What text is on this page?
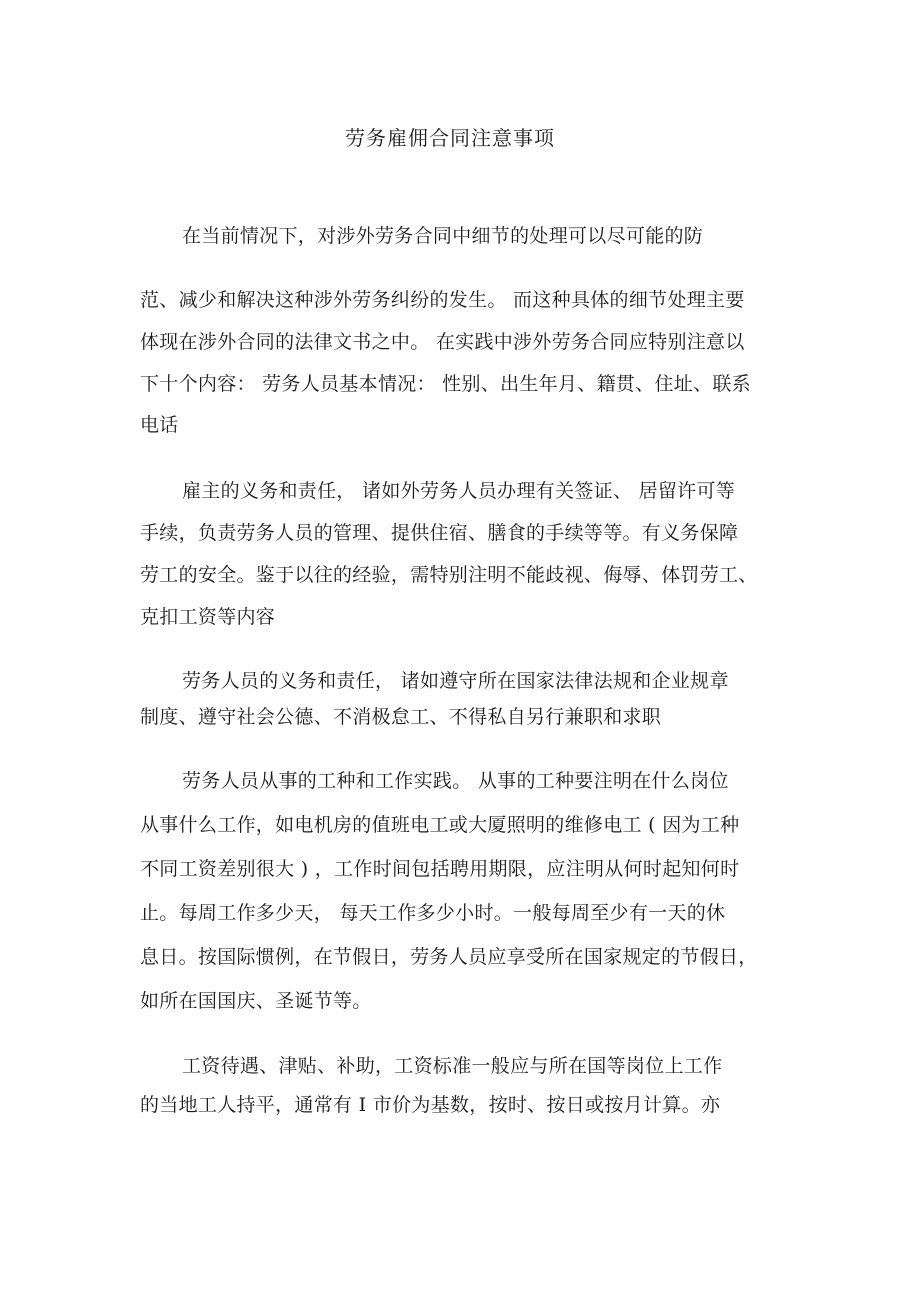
劳务雇佣合同注意事项

在当前情况下，对涉外劳务合同中细节的处理可以尽可能的防

范、减少和解决这种涉外劳务纠纷的发生。 而这种具体的细节处理主要

体现在涉外合同的法律文书之中。 在实践中涉外劳务合同应特别注意以

下十个内容： 劳务人员基本情况： 性别、出生年月、籍贯、住址、联系

电话

雇主的义务和责任， 诸如外劳务人员办理有关签证、 居留许可等

手续，负责劳务人员的管理、提供住宿、膳食的手续等等。有义务保障

劳工的安全。鉴于以往的经验，需特别注明不能歧视、侮辱、体罚劳工、

克扣工资等内容

劳务人员的义务和责任， 诸如遵守所在国家法律法规和企业规章

制度、遵守社会公德、不消极怠工、不得私自另行兼职和求职

劳务人员从事的工种和工作实践。 从事的工种要注明在什么岗位

从事什么工作，如电机房的值班电工或大厦照明的维修电工 ( 因为工种

不同工资差别很大 ) ，工作时间包括聘用期限，应注明从何时起知何时

止。每周工作多少天， 每天工作多少小时。一般每周至少有一天的休

息日。按国际惯例，在节假日，劳务人员应享受所在国家规定的节假日，

如所在国国庆、圣诞节等。

工资待遇、津贴、补助，工资标准一般应与所在国等岗位上工作

的当地工人持平，通常有 I 市价为基数，按时、按日或按月计算。亦
